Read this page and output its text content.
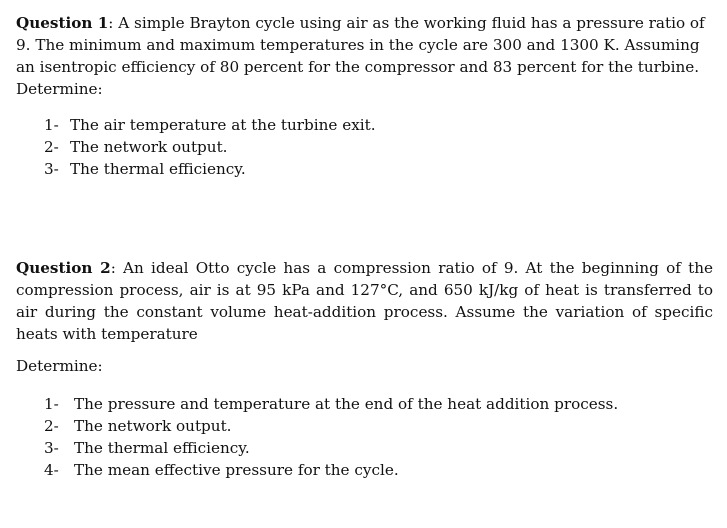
Question 1: A simple Brayton cycle using air as the working fluid has a pressure ratio of 9. The minimum and maximum temperatures in the cycle are 300 and 1300 K. Assuming an isentropic efficiency of 80 percent for the compressor and 83 percent for the turbine. Determine:

1- The air temperature at the turbine exit.
2- The network output.
3- The thermal efficiency.

Question 2: An ideal Otto cycle has a compression ratio of 9. At the beginning of the compression process, air is at 95 kPa and 127°C, and 650 kJ/kg of heat is transferred to air during the constant volume heat-addition process. Assume the variation of specific heats with temperature

Determine:

1-	The pressure and temperature at the end of the heat addition process.
2-	The network output.
3-	The thermal efficiency.
4-	The mean effective pressure for the cycle.
